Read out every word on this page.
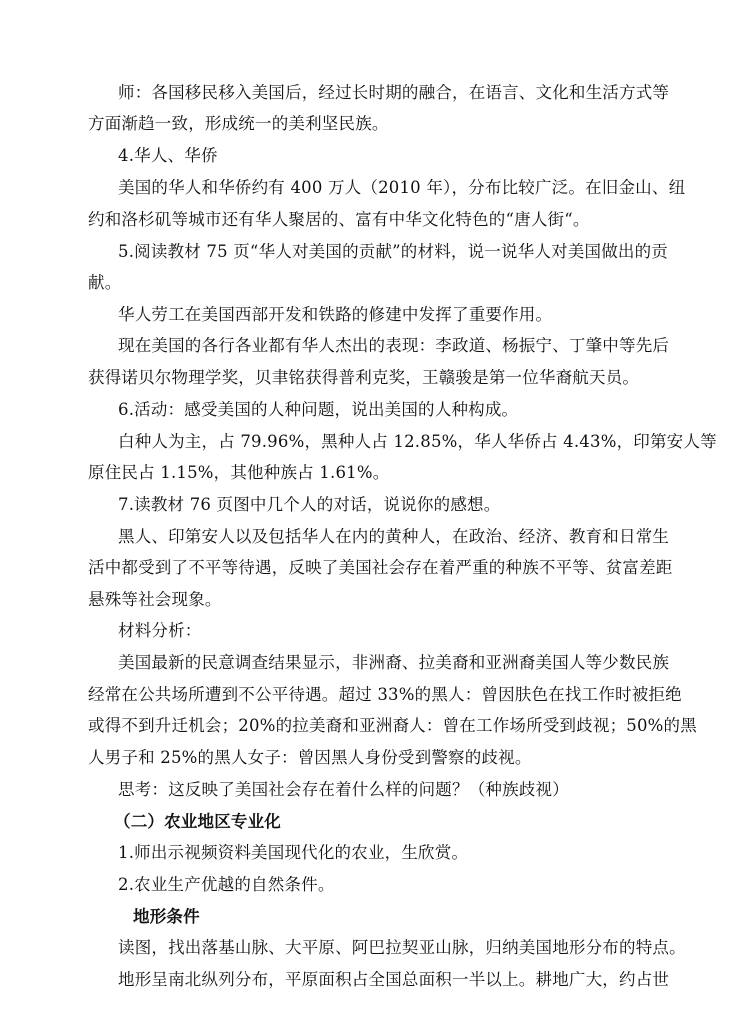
师：各国移民移入美国后，经过长时期的融合，在语言、文化和生活方式等
方面渐趋一致，形成统一的美利坚民族。
4.华人、华侨
美国的华人和华侨约有 400 万人（2010 年），分布比较广泛。在旧金山、纽
约和洛杉矶等城市还有华人聚居的、富有中华文化特色的“唐人街“。
5.阅读教材 75 页“华人对美国的贡献”的材料，说一说华人对美国做出的贡
献。
华人劳工在美国西部开发和铁路的修建中发挥了重要作用。
现在美国的各行各业都有华人杰出的表现：李政道、杨振宁、丁肇中等先后
获得诺贝尔物理学奖，贝聿铭获得普利克奖，王赣骏是第一位华裔航天员。
6.活动：感受美国的人种问题，说出美国的人种构成。
白种人为主，占 79.96%，黑种人占 12.85%，华人华侨占 4.43%，印第安人等
原住民占 1.15%，其他种族占 1.61%。
7.读教材 76 页图中几个人的对话，说说你的感想。
黑人、印第安人以及包括华人在内的黄种人，在政治、经济、教育和日常生
活中都受到了不平等待遇，反映了美国社会存在着严重的种族不平等、贫富差距
悬殊等社会现象。
材料分析：
美国最新的民意调查结果显示，非洲裔、拉美裔和亚洲裔美国人等少数民族
经常在公共场所遭到不公平待遇。超过 33%的黑人：曾因肤色在找工作时被拒绝
或得不到升迁机会；20%的拉美裔和亚洲裔人：曾在工作场所受到歧视；50%的黑
人男子和 25%的黑人女子：曾因黑人身份受到警察的歧视。
思考：这反映了美国社会存在着什么样的问题？（种族歧视）
（二）农业地区专业化
1.师出示视频资料美国现代化的农业，生欣赏。
2.农业生产优越的自然条件。
地形条件
读图，找出落基山脉、大平原、阿巴拉契亚山脉，归纳美国地形分布的特点。
地形呈南北纵列分布，平原面积占全国总面积一半以上。耕地广大，约占世
